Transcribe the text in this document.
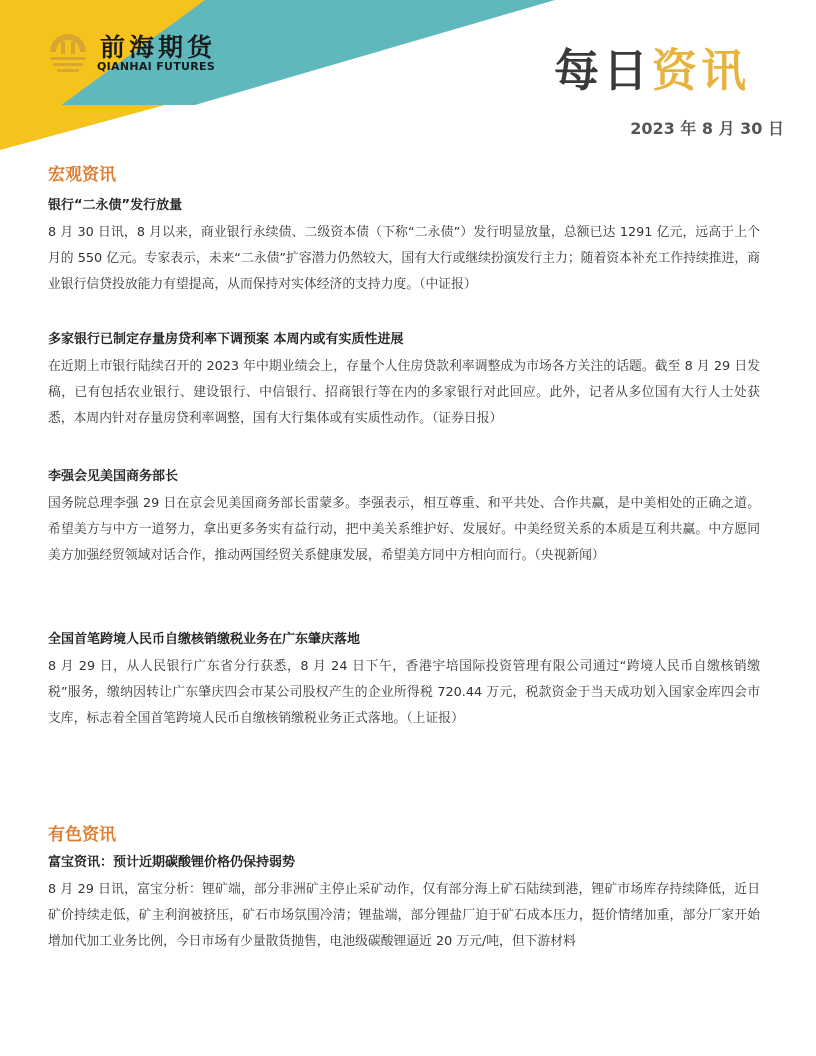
前海期货
QIANHAI FUTURES	每日资讯
2023 年 8 月 30 日
宏观资讯
银行“二永债”发行放量
8 月 30 日讯，8 月以来，商业银行永续债、二级资本债（下称“二永债”）发行明显放量，总额已达 1291 亿元，远高于上个月的 550 亿元。专家表示，未来“二永债”扩容潜力仍然较大，国有大行或继续扮演发行主力；随着资本补充工作持续推进，商业银行信贷投放能力有望提高，从而保持对实体经济的支持力度。（中证报）
多家银行已制定存量房贷利率下调预案 本周内或有实质性进展
在近期上市银行陆续召开的 2023 年中期业绩会上，存量个人住房贷款利率调整成为市场各方关注的话题。截至 8 月 29 日发稿，已有包括农业银行、建设银行、中信银行、招商银行等在内的多家银行对此回应。此外，记者从多位国有大行人士处获悉，本周内针对存量房贷利率调整，国有大行集体或有实质性动作。（证券日报）
李强会见美国商务部长
国务院总理李强 29 日在京会见美国商务部长雷蒙多。李强表示，相互尊重、和平共处、合作共赢，是中美相处的正确之道。希望美方与中方一道努力，拿出更多务实有益行动，把中美关系维护好、发展好。中美经贸关系的本质是互利共赢。中方愿同美方加强经贸领域对话合作，推动两国经贸关系健康发展，希望美方同中方相向而行。（央视新闻）
全国首笔跨境人民币自缴核销缴税业务在广东肇庆落地
8 月 29 日，从人民银行广东省分行获悉，8 月 24 日下午，香港宇培国际投资管理有限公司通过“跨境人民币自缴核销缴税”服务，缴纳因转让广东肇庆四会市某公司股权产生的企业所得税 720.44 万元，税款资金于当天成功划入国家金库四会市支库，标志着全国首笔跨境人民币自缴核销缴税业务正式落地。（上证报）
有色资讯
富宝资讯：预计近期碳酸锂价格仍保持弱势
8 月 29 日讯，富宝分析：锂矿端，部分非洲矿主停止采矿动作，仅有部分海上矿石陆续到港，锂矿市场库存持续降低，近日矿价持续走低，矿主利润被挤压，矿石市场氛围冷清；锂盐端，部分锂盐厂迫于矿石成本压力，挺价情绪加重，部分厂家开始增加代加工业务比例，今日市场有少量散货抛售，电池级碳酸锂逼近 20 万元/吨，但下游材料
